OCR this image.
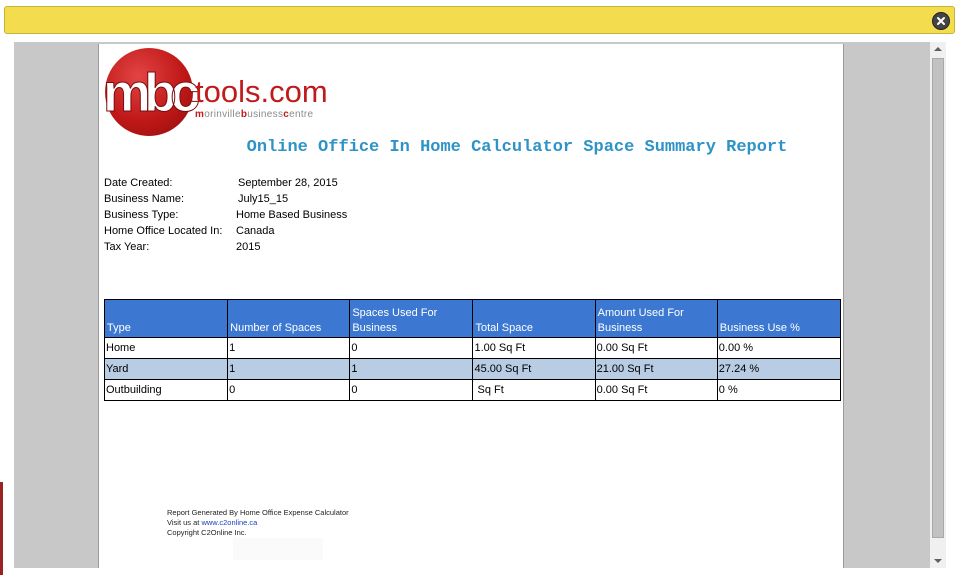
mbc tools.com
morinvillebusinesscentre
Online Office In Home Calculator Space Summary Report
Date Created:	September 28, 2015
Business Name:	July15_15
Business Type:	Home Based Business
Home Office Located In: Canada
Tax Year:	2015
Type	Number of Spaces	Spaces Used For Business	Total Space	Amount Used For Business	Business Use %
Home	1	0	1.00 Sq Ft	0.00 Sq Ft	0.00 %
Yard	1	1	45.00 Sq Ft	21.00 Sq Ft	27.24 %
Outbuilding	0	0	Sq Ft	0.00 Sq Ft	0 %
Report Generated By Home Office Expense Calculator
Visit us at www.c2online.ca
Copyright C2Online Inc.
